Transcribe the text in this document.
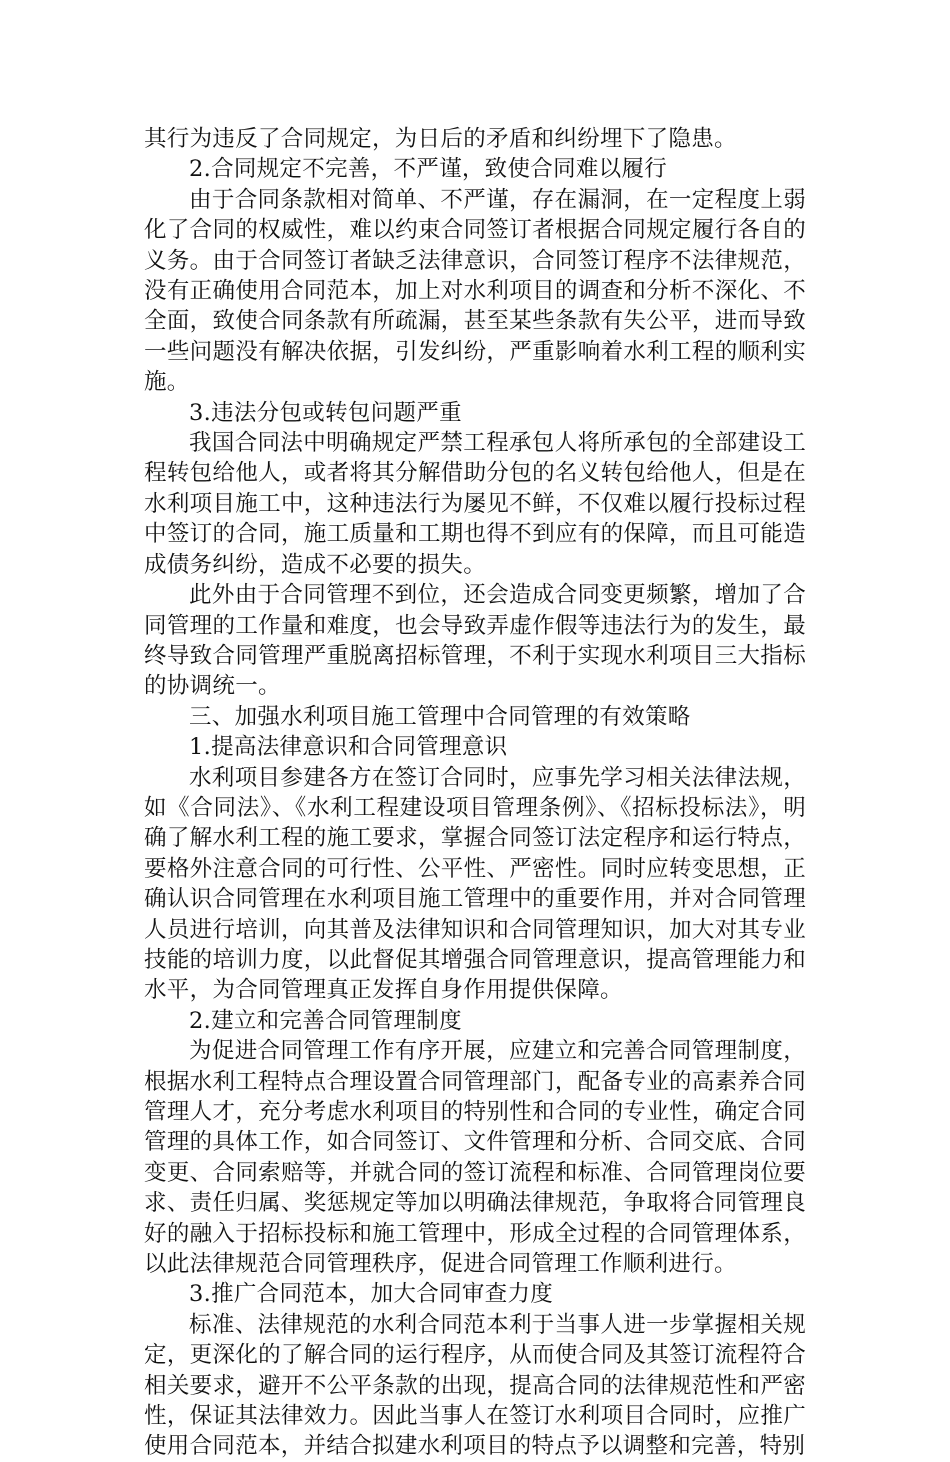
其行为违反了合同规定，为日后的矛盾和纠纷埋下了隐患。

2.合同规定不完善，不严谨，致使合同难以履行

由于合同条款相对简单、不严谨，存在漏洞，在一定程度上弱化了合同的权威性，难以约束合同签订者根据合同规定履行各自的义务。由于合同签订者缺乏法律意识，合同签订程序不法律规范，没有正确使用合同范本，加上对水利项目的调查和分析不深化、不全面，致使合同条款有所疏漏，甚至某些条款有失公平，进而导致一些问题没有解决依据，引发纠纷，严重影响着水利工程的顺利实施。

3.违法分包或转包问题严重

我国合同法中明确规定严禁工程承包人将所承包的全部建设工程转包给他人，或者将其分解借助分包的名义转包给他人，但是在水利项目施工中，这种违法行为屡见不鲜，不仅难以履行投标过程中签订的合同，施工质量和工期也得不到应有的保障，而且可能造成债务纠纷，造成不必要的损失。

此外由于合同管理不到位，还会造成合同变更频繁，增加了合同管理的工作量和难度，也会导致弄虚作假等违法行为的发生，最终导致合同管理严重脱离招标管理，不利于实现水利项目三大指标的协调统一。

三、加强水利项目施工管理中合同管理的有效策略

1.提高法律意识和合同管理意识

水利项目参建各方在签订合同时，应事先学习相关法律法规，如《合同法》、《水利工程建设项目管理条例》、《招标投标法》，明确了解水利工程的施工要求，掌握合同签订法定程序和运行特点，要格外注意合同的可行性、公平性、严密性。同时应转变思想，正确认识合同管理在水利项目施工管理中的重要作用，并对合同管理人员进行培训，向其普及法律知识和合同管理知识，加大对其专业技能的培训力度，以此督促其增强合同管理意识，提高管理能力和水平，为合同管理真正发挥自身作用提供保障。

2.建立和完善合同管理制度

为促进合同管理工作有序开展，应建立和完善合同管理制度，根据水利工程特点合理设置合同管理部门，配备专业的高素养合同管理人才，充分考虑水利项目的特别性和合同的专业性，确定合同管理的具体工作，如合同签订、文件管理和分析、合同交底、合同变更、合同索赔等，并就合同的签订流程和标准、合同管理岗位要求、责任归属、奖惩规定等加以明确法律规范，争取将合同管理良好的融入于招标投标和施工管理中，形成全过程的合同管理体系，以此法律规范合同管理秩序，促进合同管理工作顺利进行。

3.推广合同范本，加大合同审查力度

标准、法律规范的水利合同范本利于当事人进一步掌握相关规定，更深化的了解合同的运行程序，从而使合同及其签订流程符合相关要求，避开不公平条款的出现，提高合同的法律规范性和严密性，保证其法律效力。因此当事人在签订水利项目合同时，应推广使用合同范本，并结合拟建水利项目的特点予以调整和完善，特别
